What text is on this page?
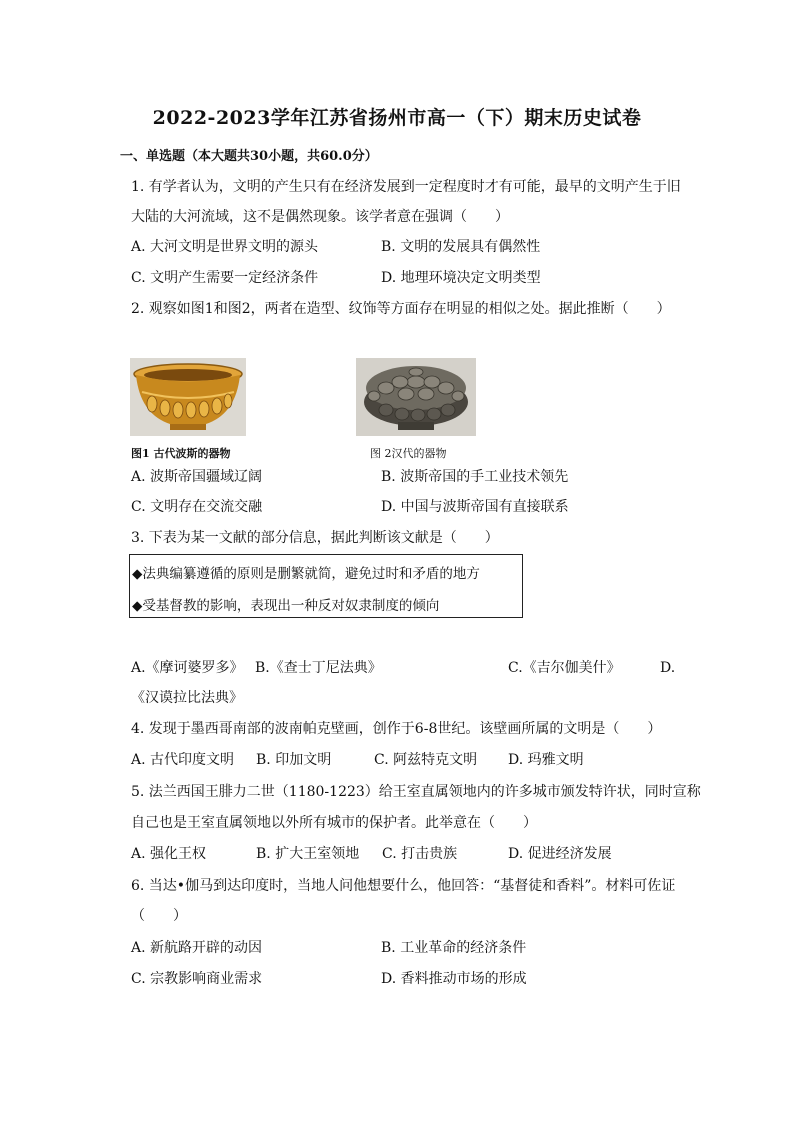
2022-2023学年江苏省扬州市高一（下）期末历史试卷
一、单选题（本大题共30小题，共60.0分）
1. 有学者认为，文明的产生只有在经济发展到一定程度时才有可能，最早的文明产生于旧
大陆的大河流域，这不是偶然现象。该学者意在强调（　　）
A. 大河文明是世界文明的源头	B. 文明的发展具有偶然性
C. 文明产生需要一定经济条件	D. 地理环境决定文明类型
2. 观察如图1和图2，两者在造型、纹饰等方面存在明显的相似之处。据此推断（　　）
图1 古代波斯的器物	图 2汉代的器物
A. 波斯帝国疆域辽阔	B. 波斯帝国的手工业技术领先
C. 文明存在交流交融	D. 中国与波斯帝国有直接联系
3. 下表为某一文献的部分信息，据此判断该文献是（　　）
◆法典编纂遵循的原则是删繁就简，避免过时和矛盾的地方
◆受基督教的影响，表现出一种反对奴隶制度的倾向
A.《摩诃婆罗多》 B.《查士丁尼法典》	C.《吉尔伽美什》	D.
《汉谟拉比法典》
4. 发现于墨西哥南部的波南帕克壁画，创作于6-8世纪。该壁画所属的文明是（　　）
A. 古代印度文明 B. 印加文明	C. 阿兹特克文明 D. 玛雅文明
5. 法兰西国王腓力二世（1180-1223）给王室直属领地内的许多城市颁发特许状，同时宣称
自己也是王室直属领地以外所有城市的保护者。此举意在（　　）
A. 强化王权	B. 扩大王室领地 C. 打击贵族	D. 促进经济发展
6. 当达•伽马到达印度时，当地人问他想要什么，他回答：“基督徒和香料”。材料可佐证
（　　）
A. 新航路开辟的动因	B. 工业革命的经济条件
C. 宗教影响商业需求	D. 香料推动市场的形成
